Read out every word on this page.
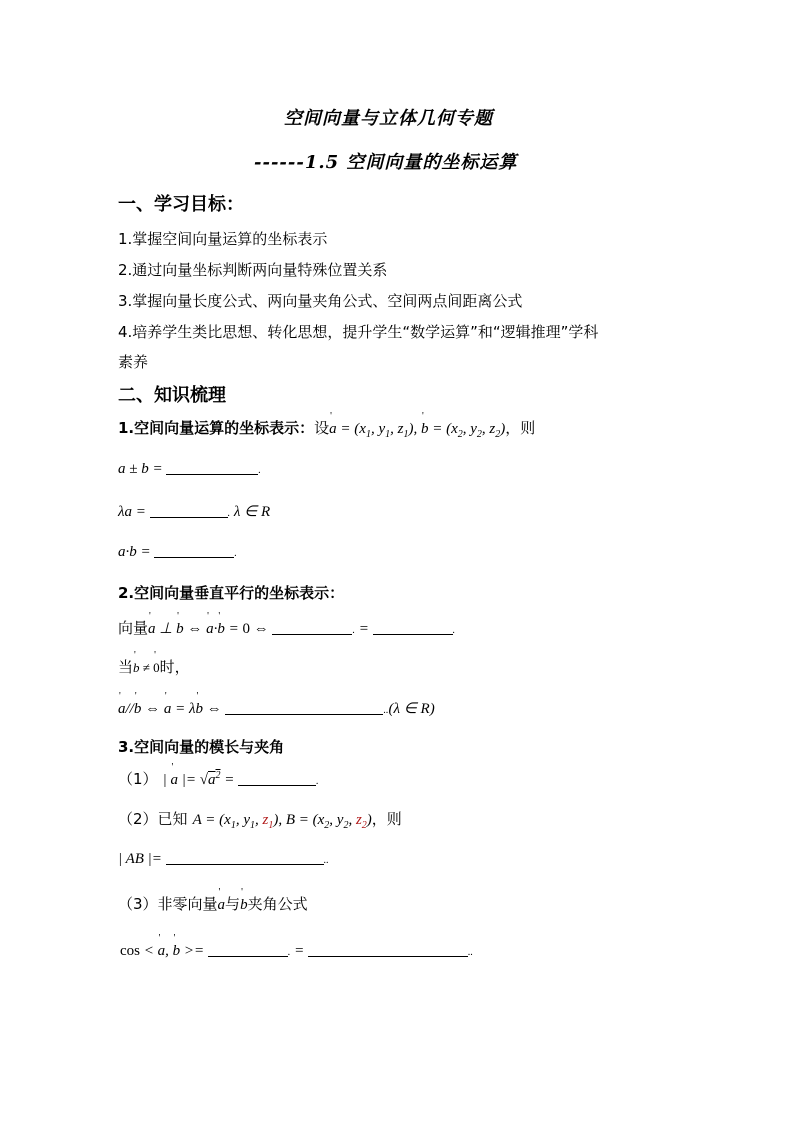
空间向量与立体几何专题
------1.5 空间向量的坐标运算
一、学习目标：
1.掌握空间向量运算的坐标表示
2.通过向量坐标判断两向量特殊位置关系
3.掌握向量长度公式、两向量夹角公式、空间两点间距离公式
4.培养学生类比思想、转化思想，提升学生“数学运算”和“逻辑推理”学科
素养
二、知识梳理
1.空间向量运算的坐标表示：设' $a = (x_1$, $y_1$, $z_1$), ' $b = (x_2$, $y_2$, $z_2$)，则
a ± b =	.
λa =	. λ ∈ R
a·b =	.
2.空间向量垂直平行的坐标表示：
向量' a ⊥ ' b ⇔ ' a·' b = 0 ⇔	. =	.
当' b ≠ ' 0时，
' a//' b ⇔ ' a = λ' b ⇔	..(λ ∈ R)
3.空间向量的模长与夹角
（1） | ' a |= $√a^2$ =	.
（2）已知 $A = (x_1$, $y_1$, $z_1$), $B = (x_2$, $y_2$, $z_2$)，则
| AB |=	..
（3）非零向量' a与' b夹角公式
cos < ' a, ' b >=	. =	..
